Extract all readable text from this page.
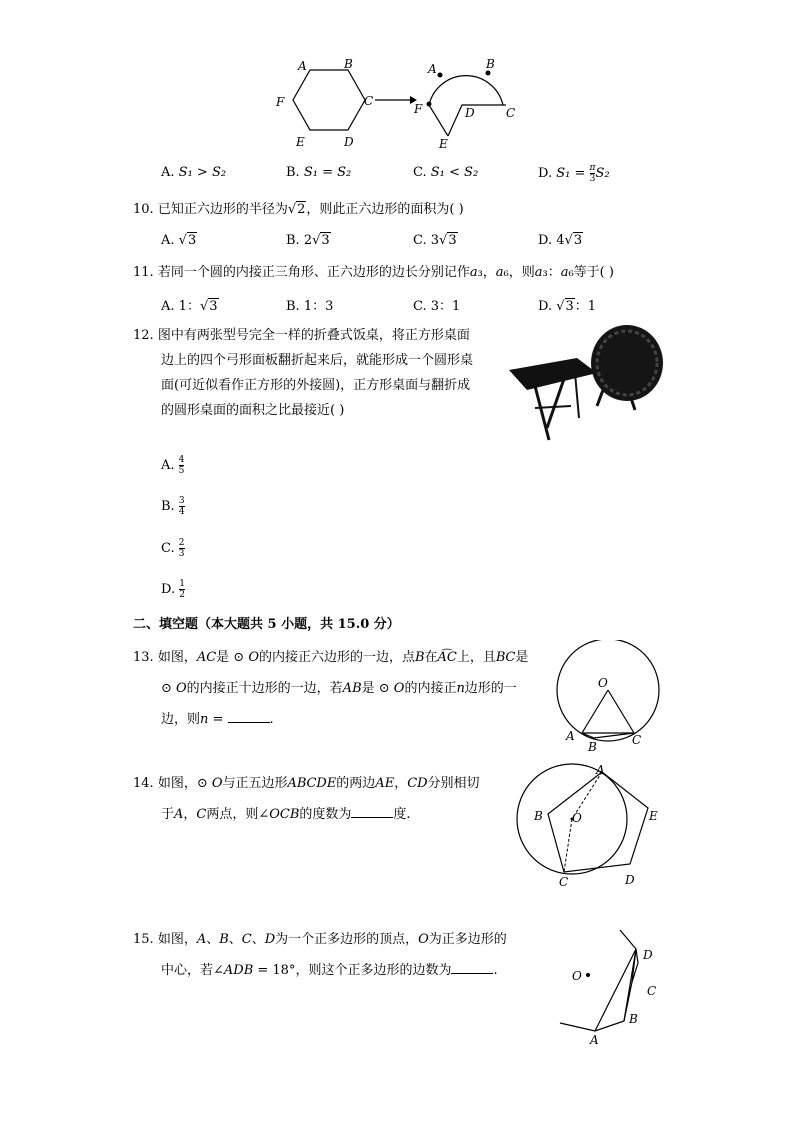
A	B
C
D
E
F
A	B
C
D
E
F
A. S₁ > S₂	B. S₁ = S₂	C. S₁ < S₂	D. $S_1 = \frac{\pi}{3} S_2$
10. 已知正六边形的半径为√2，则此正六边形的面积为( )
A. √3	B. 2√3	C. 3√3	D. 4√3
11. 若同一个圆的内接正三角形、正六边形的边长分别记作𝑎₃，𝑎₆，则𝑎₃：𝑎₆等于( )
A. 1：√3	B. 1：3	C. 3：1	D. √3：1
12. 图中有两张型号完全一样的折叠式饭桌，将正方形桌面
边上的四个弓形面板翻折起来后，就能形成一个圆形桌
面(可近似看作正方形的外接圆)，正方形桌面与翻折成
的圆形桌面的面积之比最接近( )
A. $\frac{4}{5}$
B. $\frac{3}{4}$
C. $\frac{2}{3}$
D. $\frac{1}{2}$
二、填空题（本大题共 5 小题，共 15.0 分）
13. 如图，𝐴𝐶是 ⊙ 𝑂的内接正六边形的一边，点𝐵在𝐴͡𝐶上，且𝐵𝐶是
⊙ 𝑂的内接正十边形的一边，若𝐴𝐵是 ⊙ 𝑂的内接正𝑛边形的一
边，则𝑛 =	.
O
A
B	C
14. 如图，⊙ 𝑂与正五边形𝐴𝐵𝐶𝐷𝐸的两边𝐴𝐸，𝐶𝐷分别相切
于𝐴，𝐶两点，则∠𝑂𝐶𝐵的度数为	度.
A
B O	E
C	D
15. 如图，𝐴、𝐵、𝐶、𝐷为一个正多边形的顶点，𝑂为正多边形的
中心，若∠𝐴𝐷𝐵 = 18°，则这个正多边形的边数为	.	O
D
C
B
A
